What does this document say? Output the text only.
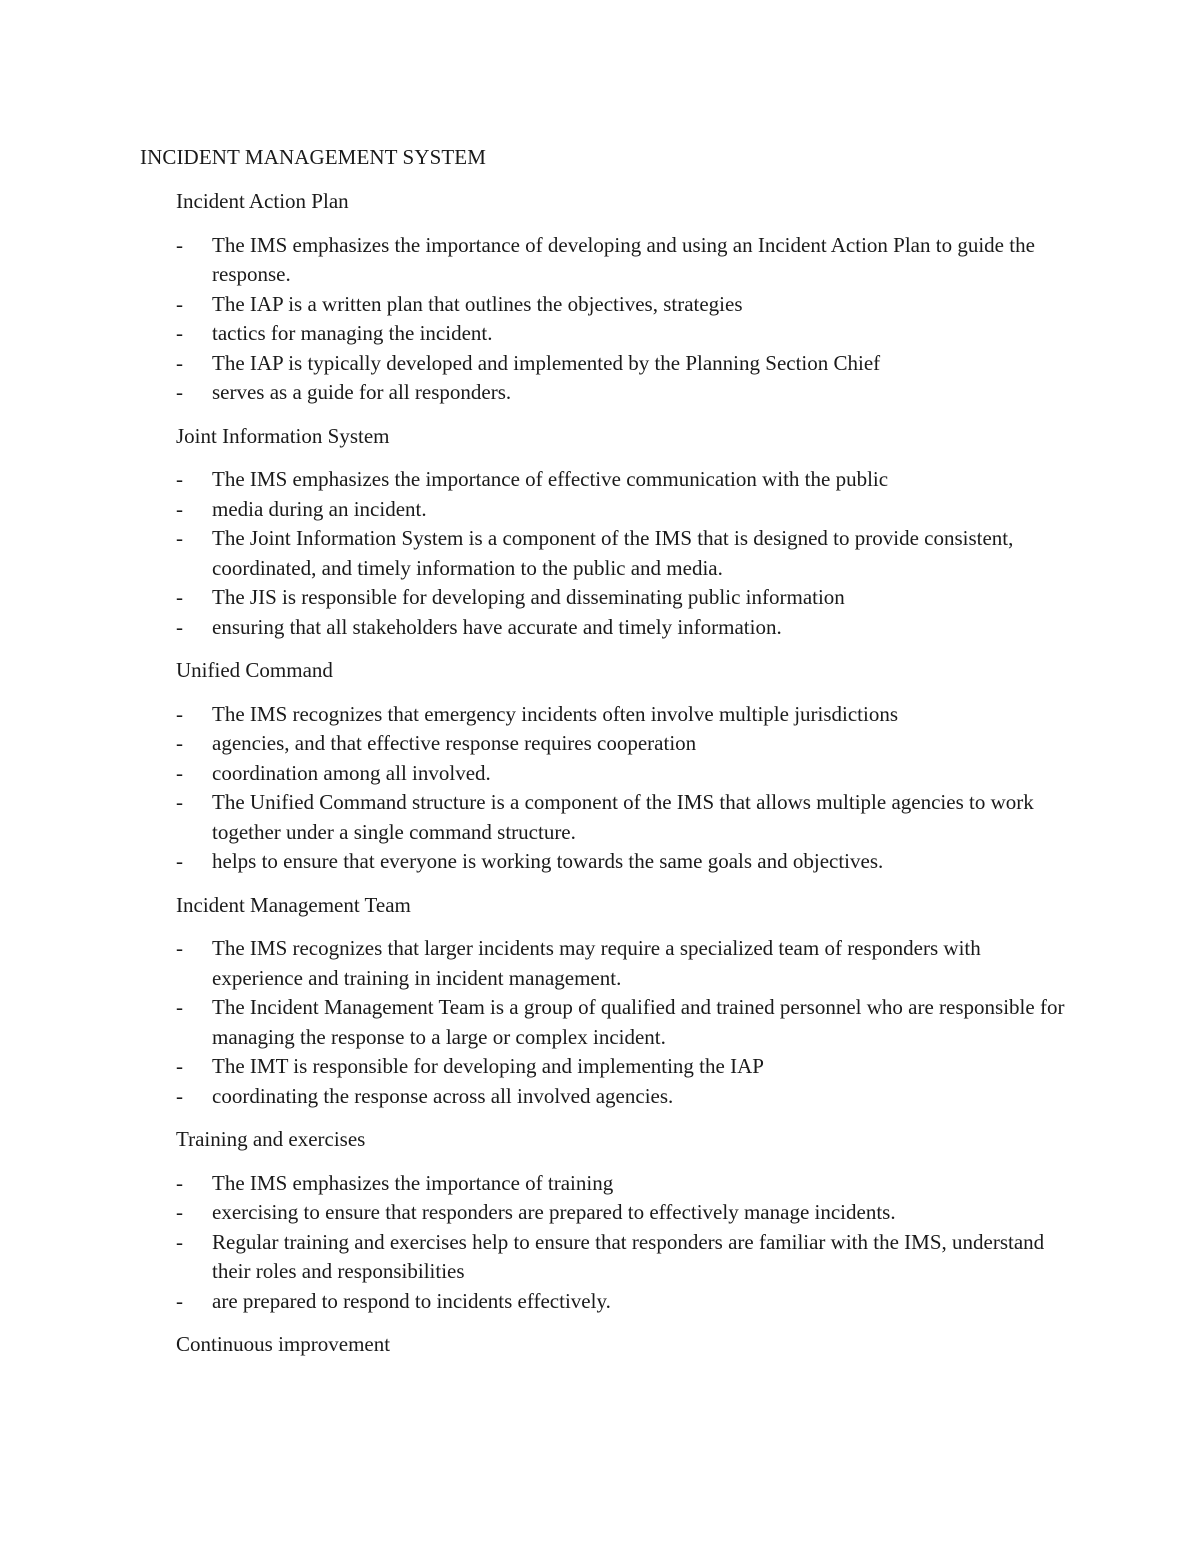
INCIDENT MANAGEMENT SYSTEM
Incident Action Plan
-	The IMS emphasizes the importance of developing and using an Incident Action Plan to guide the response.
-	The IAP is a written plan that outlines the objectives, strategies
-	tactics for managing the incident.
-	The IAP is typically developed and implemented by the Planning Section Chief
-	serves as a guide for all responders.
Joint Information System
-	The IMS emphasizes the importance of effective communication with the public
-	media during an incident.
-	The Joint Information System is a component of the IMS that is designed to provide consistent, coordinated, and timely information to the public and media.
-	The JIS is responsible for developing and disseminating public information
-	ensuring that all stakeholders have accurate and timely information.
Unified Command
-	The IMS recognizes that emergency incidents often involve multiple jurisdictions
-	agencies, and that effective response requires cooperation
-	coordination among all involved.
-	The Unified Command structure is a component of the IMS that allows multiple agencies to work together under a single command structure.
-	helps to ensure that everyone is working towards the same goals and objectives.
Incident Management Team
-	The IMS recognizes that larger incidents may require a specialized team of responders with experience and training in incident management.
-	The Incident Management Team is a group of qualified and trained personnel who are responsible for managing the response to a large or complex incident.
-	The IMT is responsible for developing and implementing the IAP
-	coordinating the response across all involved agencies.
Training and exercises
-	The IMS emphasizes the importance of training
-	exercising to ensure that responders are prepared to effectively manage incidents.
-	Regular training and exercises help to ensure that responders are familiar with the IMS, understand their roles and responsibilities
-	are prepared to respond to incidents effectively.
Continuous improvement
